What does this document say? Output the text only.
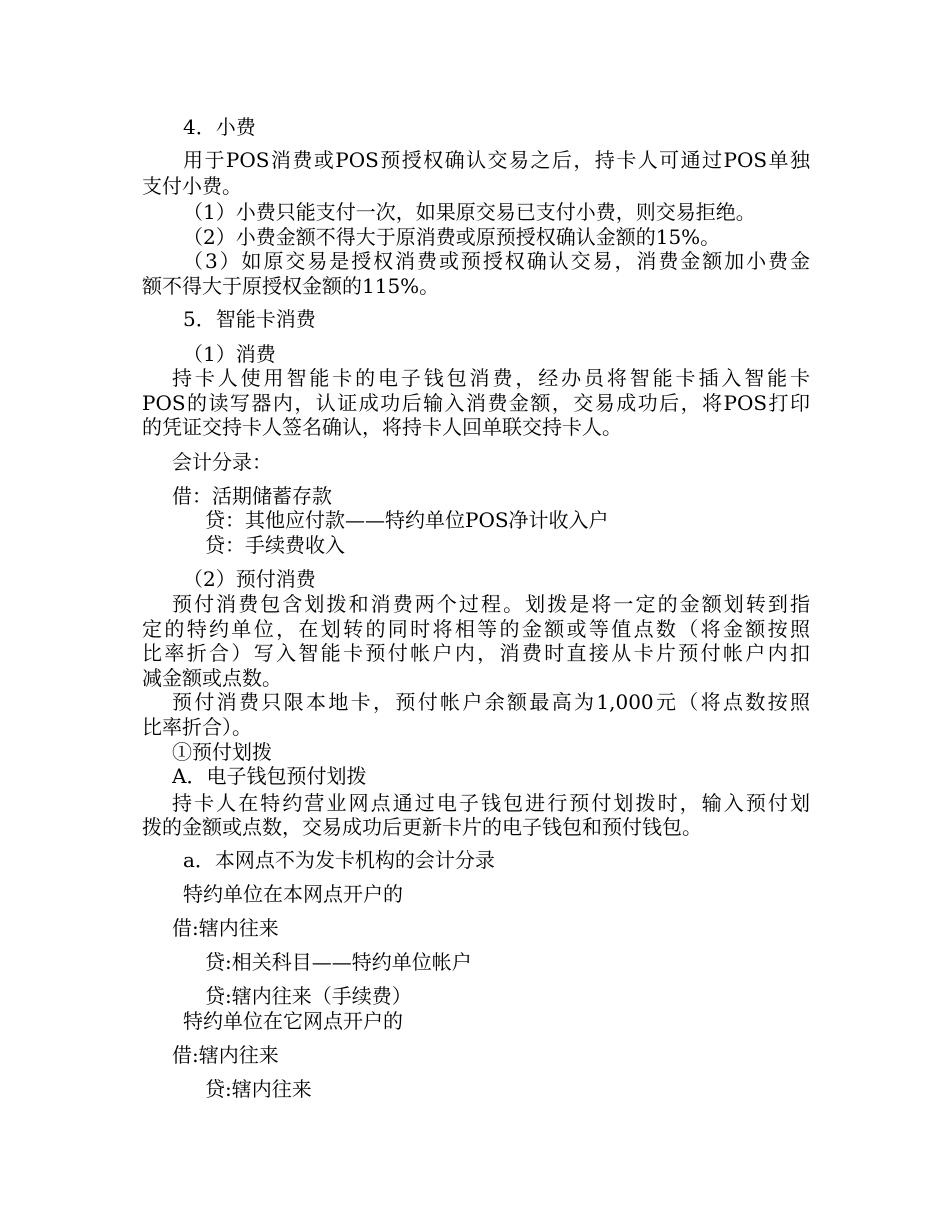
4．小费
用于POS消费或POS预授权确认交易之后，持卡人可通过POS单独
支付小费。
（1）小费只能支付一次，如果原交易已支付小费，则交易拒绝。
（2）小费金额不得大于原消费或原预授权确认金额的15%。
（3）如原交易是授权消费或预授权确认交易，消费金额加小费金
额不得大于原授权金额的115%。
5．智能卡消费
（1）消费
持卡人使用智能卡的电子钱包消费，经办员将智能卡插入智能卡
POS的读写器内，认证成功后输入消费金额，交易成功后，将POS打印
的凭证交持卡人签名确认，将持卡人回单联交持卡人。
会计分录：
借：活期储蓄存款
贷：其他应付款——特约单位POS净计收入户
贷：手续费收入
（2）预付消费
预付消费包含划拨和消费两个过程。划拨是将一定的金额划转到指
定的特约单位，在划转的同时将相等的金额或等值点数（将金额按照
比率折合）写入智能卡预付帐户内，消费时直接从卡片预付帐户内扣
减金额或点数。
预付消费只限本地卡，预付帐户余额最高为1,000元（将点数按照
比率折合）。
①预付划拨
A．电子钱包预付划拨
持卡人在特约营业网点通过电子钱包进行预付划拨时，输入预付划
拨的金额或点数，交易成功后更新卡片的电子钱包和预付钱包。
a．本网点不为发卡机构的会计分录
特约单位在本网点开户的
借:辖内往来
贷:相关科目——特约单位帐户
贷:辖内往来（手续费）
特约单位在它网点开户的
借:辖内往来
贷:辖内往来
